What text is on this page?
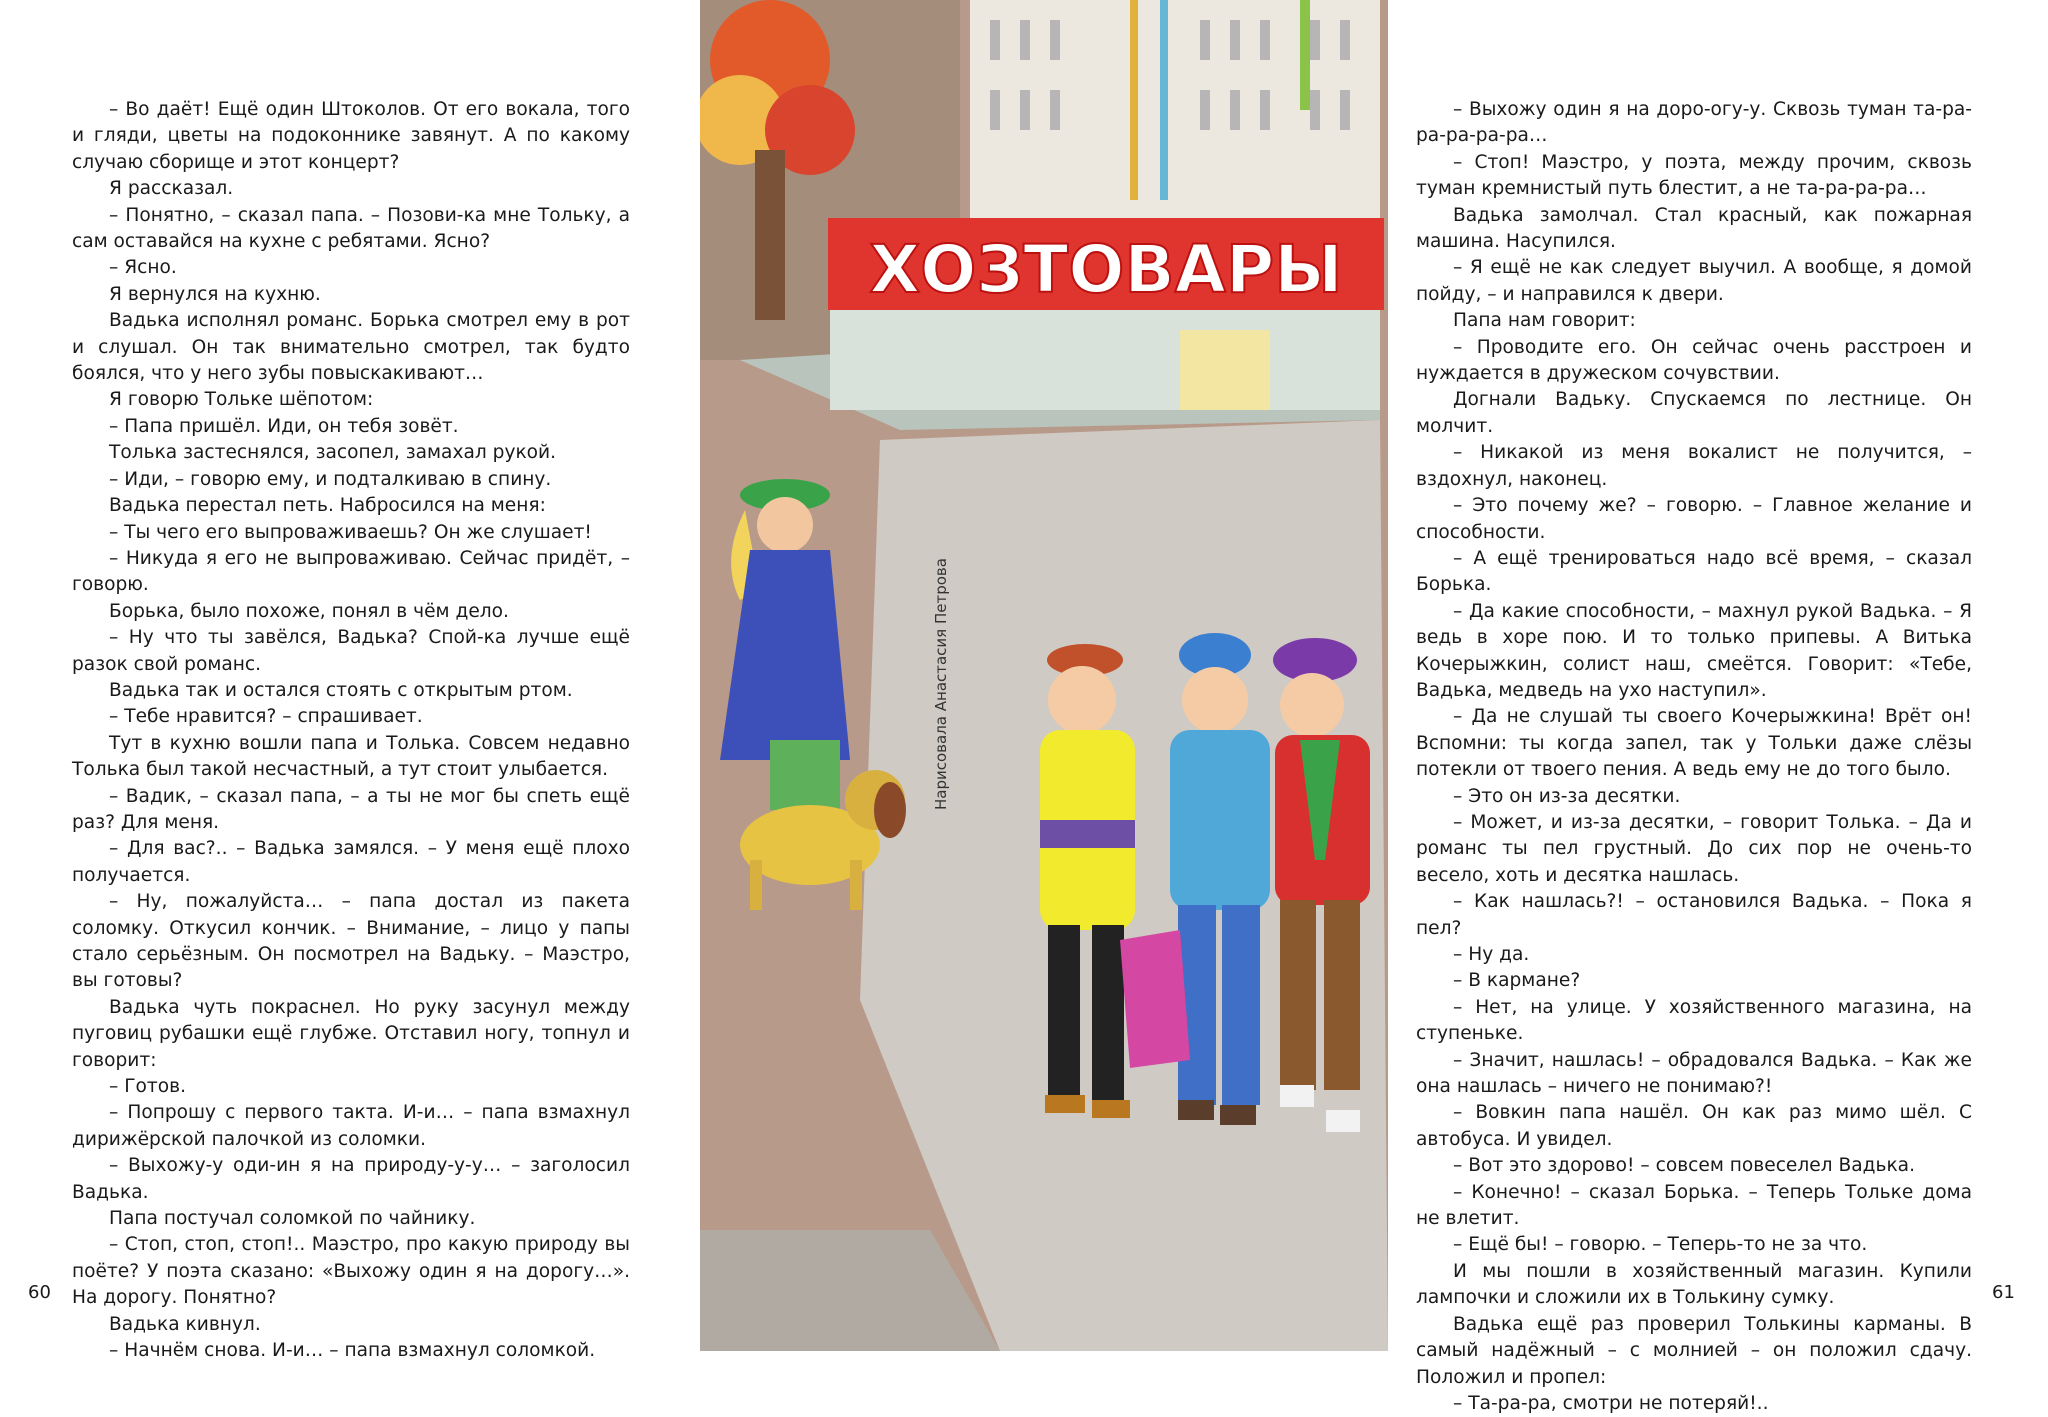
– Во даёт! Ещё один Штоколов. От его вокала, того и гляди, цветы на подоконнике завянут. А по какому случаю сборище и этот концерт?

Я рассказал.

– Понятно, – сказал папа. – Позови-ка мне Тольку, а сам оставайся на кухне с ребятами. Ясно?

– Ясно.

Я вернулся на кухню.

Вадька исполнял романс. Борька смотрел ему в рот и слушал. Он так внимательно смотрел, так будто боялся, что у него зубы повыскакивают…

Я говорю Тольке шёпотом:

– Папа пришёл. Иди, он тебя зовёт.

Толька застеснялся, засопел, замахал рукой.

– Иди, – говорю ему, и подталкиваю в спину.

Вадька перестал петь. Набросился на меня:

– Ты чего его выпроваживаешь? Он же слушает!

– Никуда я его не выпроваживаю. Сейчас придёт, – говорю.

Борька, было похоже, понял в чём дело.

– Ну что ты завёлся, Вадька? Спой-ка лучше ещё разок свой романс.

Вадька так и остался стоять с открытым ртом.

– Тебе нравится? – спрашивает.

Тут в кухню вошли папа и Толька. Совсем недавно Толька был такой несчастный, а тут стоит улыбается.

– Вадик, – сказал папа, – а ты не мог бы спеть ещё раз? Для меня.

– Для вас?.. – Вадька замялся. – У меня ещё плохо получается.

– Ну, пожалуйста… – папа достал из пакета соломку. Откусил кончик. – Внимание, – лицо у папы стало серьёзным. Он посмотрел на Вадьку. – Маэстро, вы готовы?

Вадька чуть покраснел. Но руку засунул между пуговиц рубашки ещё глубже. Отставил ногу, топнул и говорит:

– Готов.

– Попрошу с первого такта. И-и… – папа взмахнул дирижёрской палочкой из соломки.

– Выхожу-у оди-ин я на природу-у-у… – заголосил Вадька.

Папа постучал соломкой по чайнику.

– Стоп, стоп, стоп!.. Маэстро, про какую природу вы поёте? У поэта сказано: «Выхожу один я на дорогу…». На дорогу. Понятно?

Вадька кивнул.

– Начнём снова. И-и… – папа взмахнул соломкой.

– Выхожу один я на доро-огу-у. Сквозь туман та-ра-ра-ра-ра-ра…

– Стоп! Маэстро, у поэта, между прочим, сквозь туман кремнистый путь блестит, а не та-ра-ра-ра…

Вадька замолчал. Стал красный, как пожарная машина. Насупился.

– Я ещё не как следует выучил. А вообще, я домой пойду, – и направился к двери.

Папа нам говорит:

– Проводите его. Он сейчас очень расстроен и нуждается в дружеском сочувствии.

Догнали Вадьку. Спускаемся по лестнице. Он молчит.

– Никакой из меня вокалист не получится, – вздохнул, наконец.

– Это почему же? – говорю. – Главное желание и способности.

– А ещё тренироваться надо всё время, – сказал Борька.

– Да какие способности, – махнул рукой Вадька. – Я ведь в хоре пою. И то только припевы. А Витька Кочерыжкин, солист наш, смеётся. Говорит: «Тебе, Вадька, медведь на ухо наступил».

– Да не слушай ты своего Кочерыжкина! Врёт он! Вспомни: ты когда запел, так у Тольки даже слёзы потекли от твоего пения. А ведь ему не до того было.

– Это он из-за десятки.

– Может, и из-за десятки, – говорит Толька. – Да и романс ты пел грустный. До сих пор не очень-то весело, хоть и десятка нашлась.

– Как нашлась?! – остановился Вадька. – Пока я пел?

– Ну да.

– В кармане?

– Нет, на улице. У хозяйственного магазина, на ступеньке.

– Значит, нашлась! – обрадовался Вадька. – Как же она нашлась – ничего не понимаю?!

– Вовкин папа нашёл. Он как раз мимо шёл. С автобуса. И увидел.

– Вот это здорово! – совсем повеселел Вадька.

– Конечно! – сказал Борька. – Теперь Тольке дома не влетит.

– Ещё бы! – говорю. – Теперь-то не за что.

И мы пошли в хозяйственный магазин. Купили лампочки и сложили их в Толькину сумку.

Вадька ещё раз проверил Толькины карманы. В самый надёжный – с молнией – он положил сдачу. Положил и пропел:

– Та-ра-ра, смотри не потеряй!..

60	61
ХОЗТОВАРЫ
Нарисовала Анастасия Петрова
